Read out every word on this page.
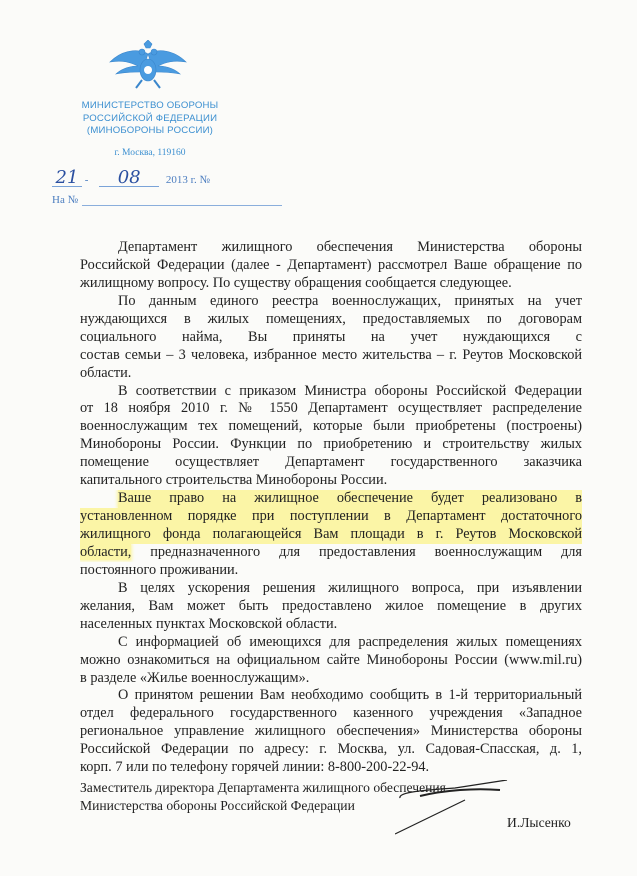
МИНИСТЕРСТВО ОБОРОНЫ
РОССИЙСКОЙ ФЕДЕРАЦИИ
(МИНОБОРОНЫ РОССИИ)
г. Москва, 119160
21 - 08 2013 г. №
На №
Департамент жилищного обеспечения Министерства обороны
Российской Федерации (далее - Департамент) рассмотрел Ваше обращение по
жилищному вопросу. По существу обращения сообщается следующее.
По данным единого реестра военнослужащих, принятых на учет
нуждающихся в жилых помещениях, предоставляемых по договорам
социального найма, Вы приняты на учет нуждающихся с
состав семьи – 3 человека, избранное место жительства – г. Реутов Московской
области.
В соответствии с приказом Министра обороны Российской Федерации
от 18 ноября 2010 г. № 1550 Департамент осуществляет распределение
военнослужащим тех помещений, которые были приобретены (построены)
Минобороны России. Функции по приобретению и строительству жилых
помещение осуществляет Департамент государственного заказчика
капитального строительства Минобороны России.
Ваше право на жилищное обеспечение будет реализовано в
установленном порядке при поступлении в Департамент достаточного
жилищного фонда полагающейся Вам площади в г. Реутов Московской
области, предназначенного для предоставления военнослужащим для
постоянного проживании.
В целях ускорения решения жилищного вопроса, при изъявлении
желания, Вам может быть предоставлено жилое помещение в других
населенных пунктах Московской области.
С информацией об имеющихся для распределения жилых помещениях
можно ознакомиться на официальном сайте Минобороны России (www.mil.ru)
в разделе «Жилье военнослужащим».
О принятом решении Вам необходимо сообщить в 1-й территориальный
отдел федерального государственного казенного учреждения «Западное
региональное управление жилищного обеспечения» Министерства обороны
Российской Федерации по адресу: г. Москва, ул. Садовая-Спасская, д. 1,
корп. 7 или по телефону горячей линии: 8-800-200-22-94.
Заместитель директора Департамента жилищного обеспечения
Министерства обороны Российской Федерации
И.Лысенко
